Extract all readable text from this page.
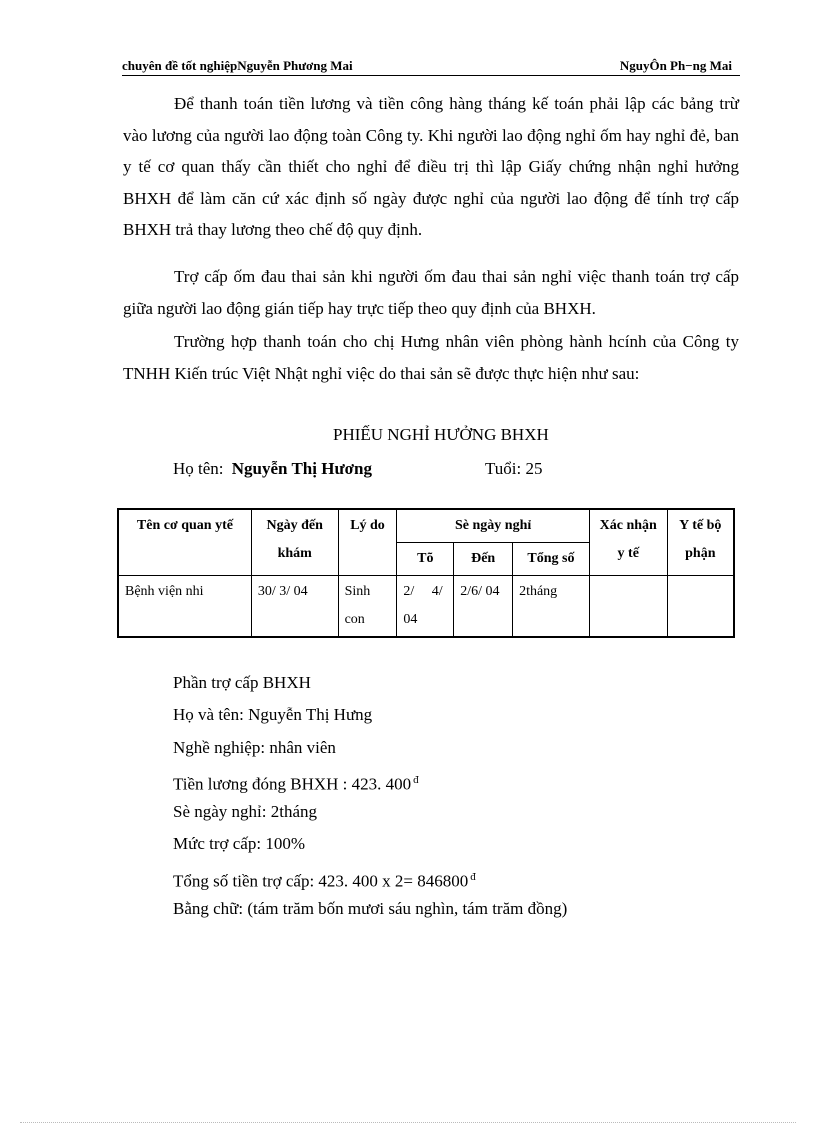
chuyên đề tốt nghiệpNguyễn Phương Mai	NguyÔn Ph−ng Mai

Để thanh toán tiền lương và tiền công hàng tháng kế toán phải lập các bảng trừ vào lương của người lao động toàn Công ty. Khi người lao động nghỉ ốm hay nghỉ đẻ, ban y tế cơ quan thấy cần thiết cho nghỉ để điều trị thì lập Giấy chứng nhận nghỉ hưởng BHXH để làm căn cứ xác định số ngày được nghỉ của người lao động để tính trợ cấp BHXH trả thay lương theo chế độ quy định.

Trợ cấp ốm đau thai sản khi người ốm đau thai sản nghỉ việc thanh toán trợ cấp giữa người lao động gián tiếp hay trực tiếp theo quy định của BHXH.

Trường hợp thanh toán cho chị Hưng nhân viên phòng hành hcính của Công ty TNHH Kiến trúc Việt Nhật nghỉ việc do thai sản sẽ được thực hiện như sau:

PHIẾU NGHỈ HƯỞNG BHXH
Họ tên: Nguyễn Thị Hương	Tuổi: 25
Tên cơ quan ytế	Ngày đến khám	Lý do	Sè ngày nghỉ			Xác nhận y tế	Y tế bộ phận
			Tõ	Đến	Tổng số		
Bệnh viện nhi	30/ 3/ 04	Sinh con	2/     4/ 04	2/6/ 04	2tháng		
Phần trợ cấp BHXH
Họ và tên: Nguyễn Thị Hưng
Nghề nghiệp: nhân viên
Tiền lương đóng BHXH : 423. 400 $^đ$
Sè ngày nghỉ: 2tháng
Mức trợ cấp: 100%
Tổng số tiền trợ cấp: 423. 400 x 2= 846800 $^đ$
Bằng chữ: (tám trăm bốn mươi sáu nghìn, tám trăm đồng)
